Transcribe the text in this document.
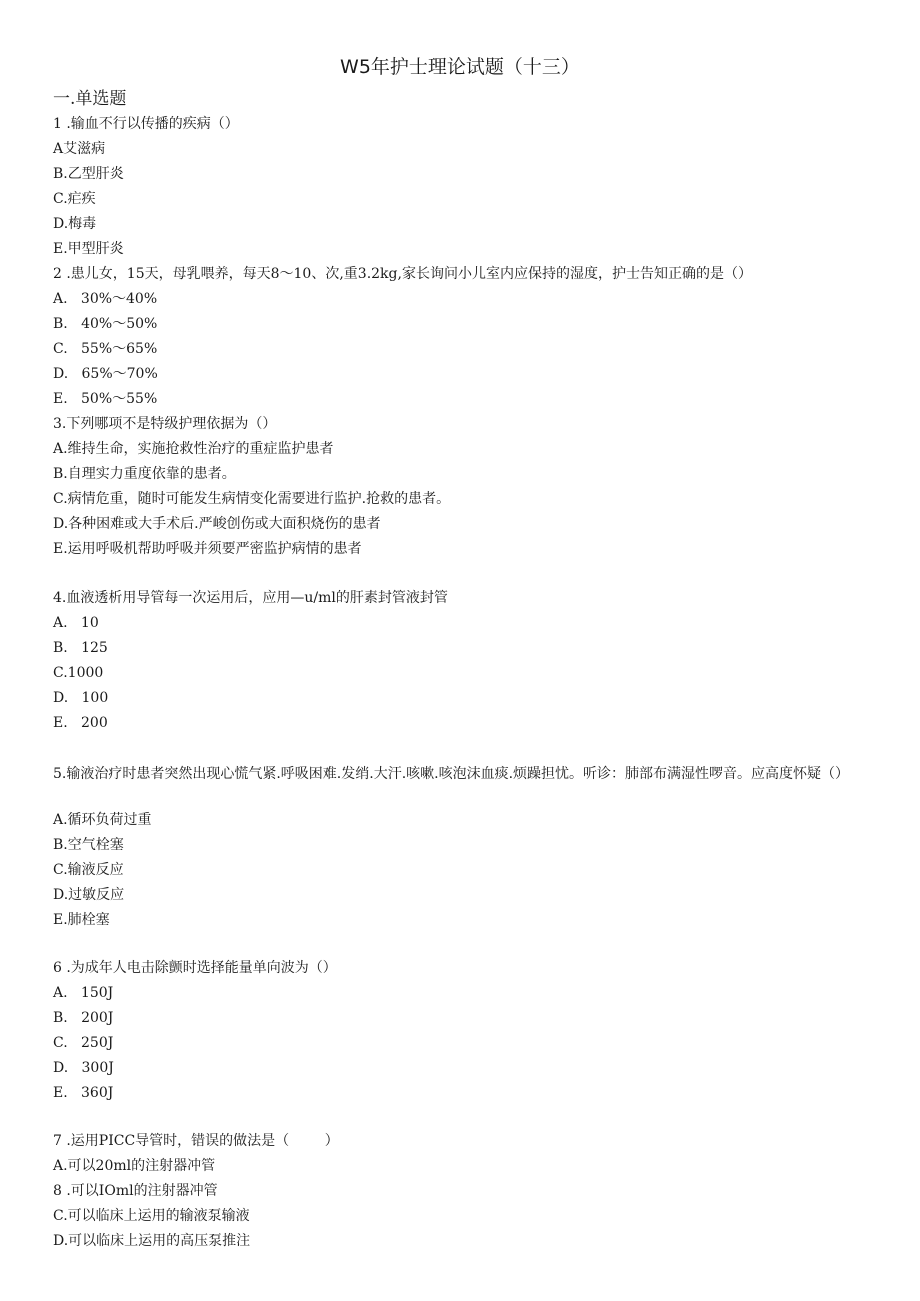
W5年护士理论试题（十三）
一.单选题
1 .输血不行以传播的疾病（）
A艾滋病
B.乙型肝炎
C.疟疾
D.梅毒
E.甲型肝炎
2 .患儿女，15天，母乳喂养，每天8～10、次,重3.2kg,家长询问小儿室内应保持的湿度，护士告知正确的是（）
A.   30%～40%
B.   40%～50%
C.   55%～65%
D.   65%～70%
E.   50%～55%
3.下列哪项不是特级护理依据为（）
A.维持生命，实施抢救性治疗的重症监护患者
B.自理实力重度依靠的患者。
C.病情危重，随时可能发生病情变化需要进行监护.抢救的患者。
D.各种困难或大手术后.严峻创伤或大面积烧伤的患者
E.运用呼吸机帮助呼吸并须要严密监护病情的患者
4.血液透析用导管每一次运用后，应用—u/ml的肝素封管液封管
A.   10
B.   125
C.1000
D.   100
E.   200
5.输液治疗时患者突然出现心慌气紧.呼吸困难.发绡.大汗.咳嗽.咳泡沫血痰.烦躁担忧。听诊：肺部布满湿性啰音。应高度怀疑（）
A.循环负荷过重
B.空气栓塞
C.输液反应
D.过敏反应
E.肺栓塞
6 .为成年人电击除颤时选择能量单向波为（）
A.   150J
B.   200J
C.   250J
D.   300J
E.   360J
7 .运用PICC导管时，错误的做法是（        ）
A.可以20ml的注射器冲管
8 .可以IOml的注射器冲管
C.可以临床上运用的输液泵输液
D.可以临床上运用的高压泵推注
